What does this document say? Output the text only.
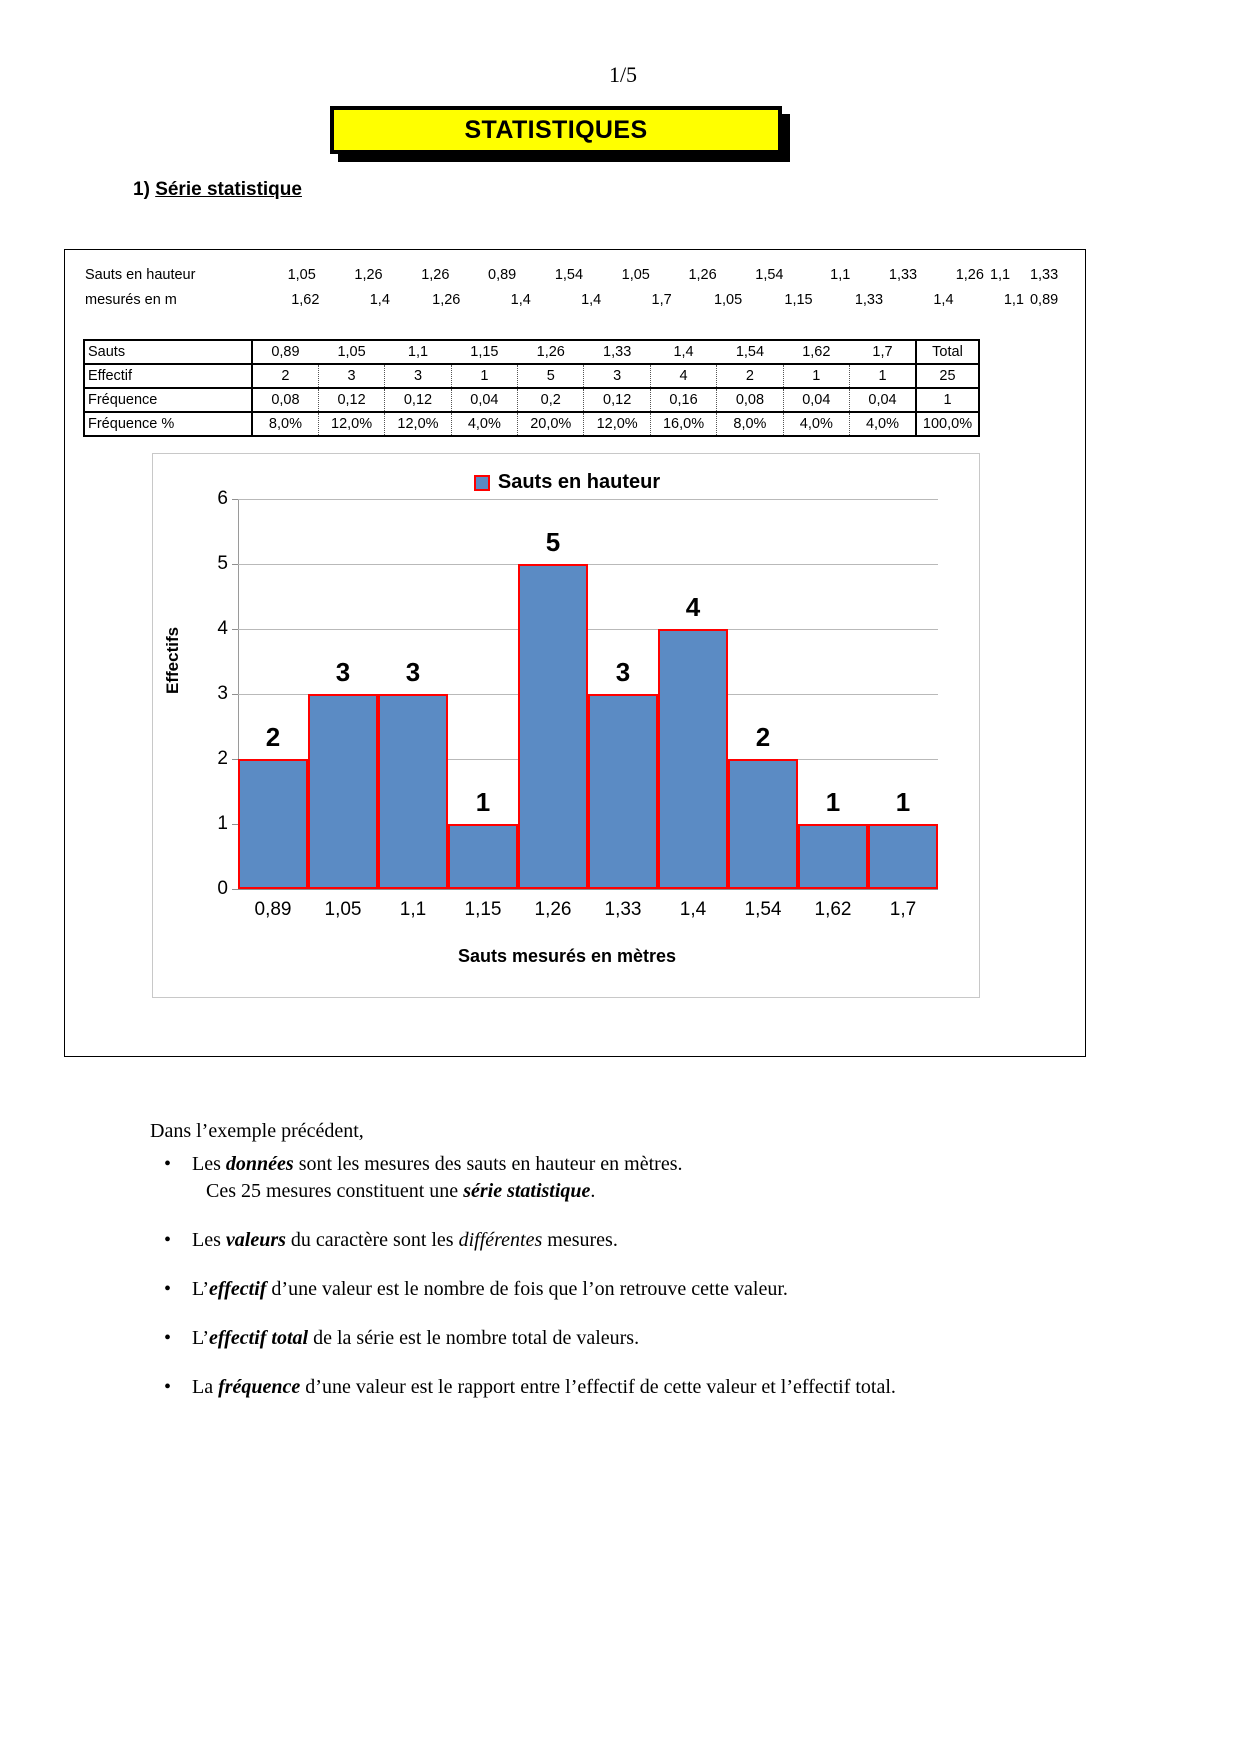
1/5
STATISTIQUES
1) Série statistique
Sauts en hauteur	1,05	1,26	1,26	0,89	1,54	1,05	1,26	1,54	1,1	1,33	1,26 1,1	1,33
mesurés en m	1,62	1,4	1,26	1,4	1,4	1,7	1,05	1,15	1,33	1,4	1,1 0,89
Sauts	0,89	1,05	1,1	1,15	1,26	1,33	1,4	1,54	1,62	1,7	Total
Effectif	2	3	3	1	5	3	4	2	1	1	25
Fréquence	0,08	0,12	0,12	0,04	0,2	0,12	0,16	0,08	0,04	0,04	1
Fréquence %	8,0%	12,0%	12,0%	4,0%	20,0%	12,0%	16,0%	8,0%	4,0%	4,0%	100,0%
Sauts en hauteur
Effectifs
0
1
2
3
4
5
6
2
3	3
1
5
3
4
2
1	1
0,89	1,05	1,1	1,15	1,26	1,33	1,4	1,54	1,62	1,7
Sauts mesurés en mètres

Dans l’exemple précédent,

• Les données sont les mesures des sauts en hauteur en mètres.
Ces 25 mesures constituent une série statistique.
• Les valeurs du caractère sont les différentes mesures.
• L’effectif d’une valeur est le nombre de fois que l’on retrouve cette valeur.
• L’effectif total de la série est le nombre total de valeurs.
• La fréquence d’une valeur est le rapport entre l’effectif de cette valeur et l’effectif total.
